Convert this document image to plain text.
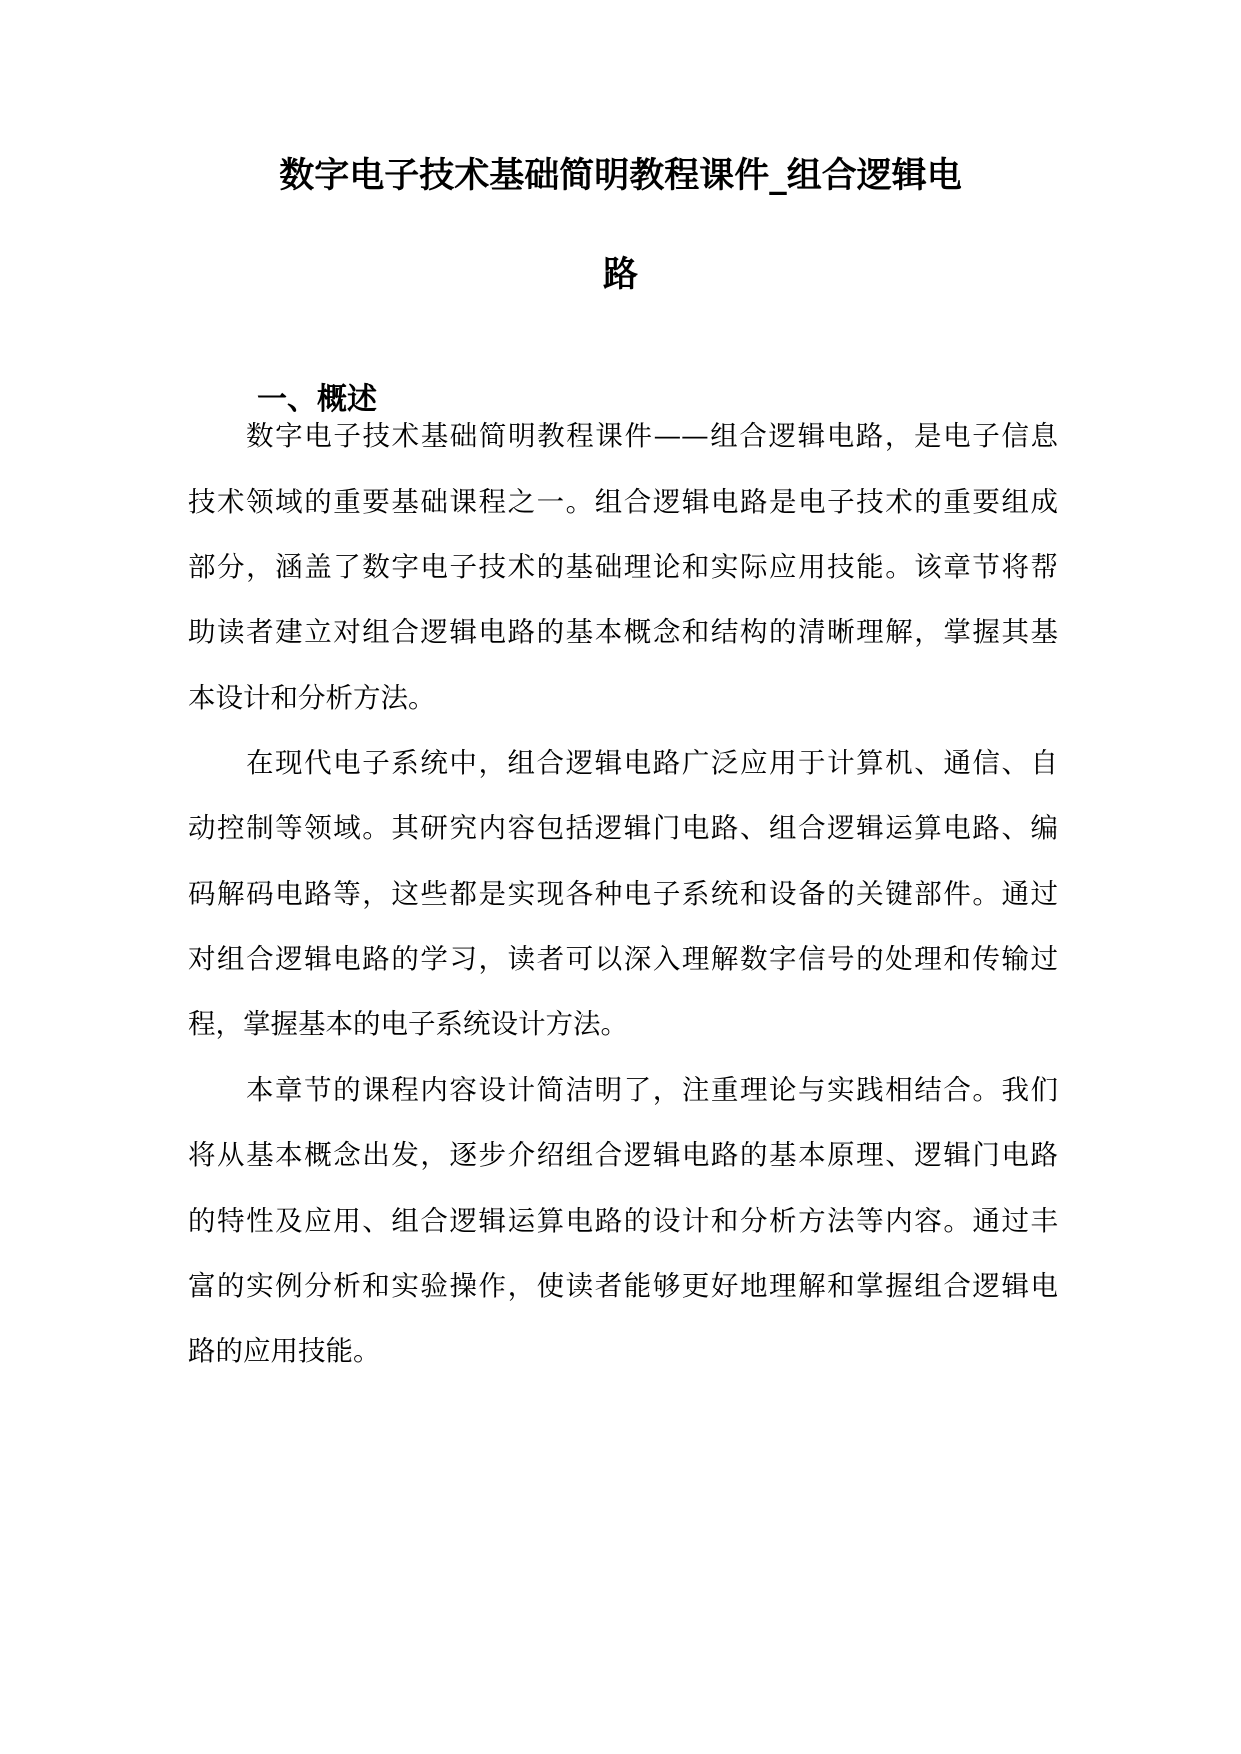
数字电子技术基础简明教程课件_组合逻辑电
路
一、概述
数字电子技术基础简明教程课件——组合逻辑电路，是电子信息
技术领域的重要基础课程之一。组合逻辑电路是电子技术的重要组成
部分，涵盖了数字电子技术的基础理论和实际应用技能。该章节将帮
助读者建立对组合逻辑电路的基本概念和结构的清晰理解，掌握其基
本设计和分析方法。
在现代电子系统中，组合逻辑电路广泛应用于计算机、通信、自
动控制等领域。其研究内容包括逻辑门电路、组合逻辑运算电路、编
码解码电路等，这些都是实现各种电子系统和设备的关键部件。通过
对组合逻辑电路的学习，读者可以深入理解数字信号的处理和传输过
程，掌握基本的电子系统设计方法。
本章节的课程内容设计简洁明了，注重理论与实践相结合。我们
将从基本概念出发，逐步介绍组合逻辑电路的基本原理、逻辑门电路
的特性及应用、组合逻辑运算电路的设计和分析方法等内容。通过丰
富的实例分析和实验操作，使读者能够更好地理解和掌握组合逻辑电
路的应用技能。
